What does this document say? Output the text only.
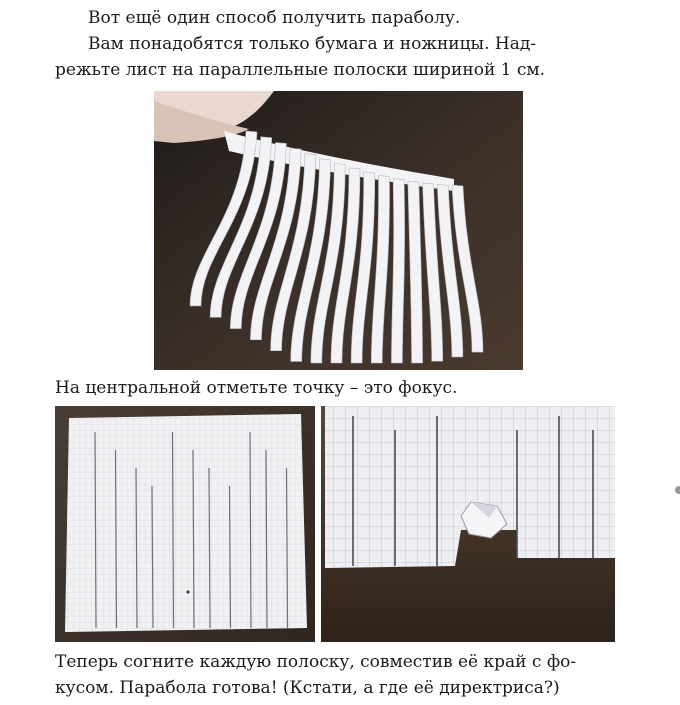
Вот ещё один способ получить параболу.

Вам понадобятся только бумага и ножницы. Над-

режьте лист на параллельные полоски шириной 1 см.

На центральной отметьте точку – это фокус.

Теперь согните каждую полоску, совместив её край с фо-

кусом. Парабола готова! (Кстати, а где её директриса?)
